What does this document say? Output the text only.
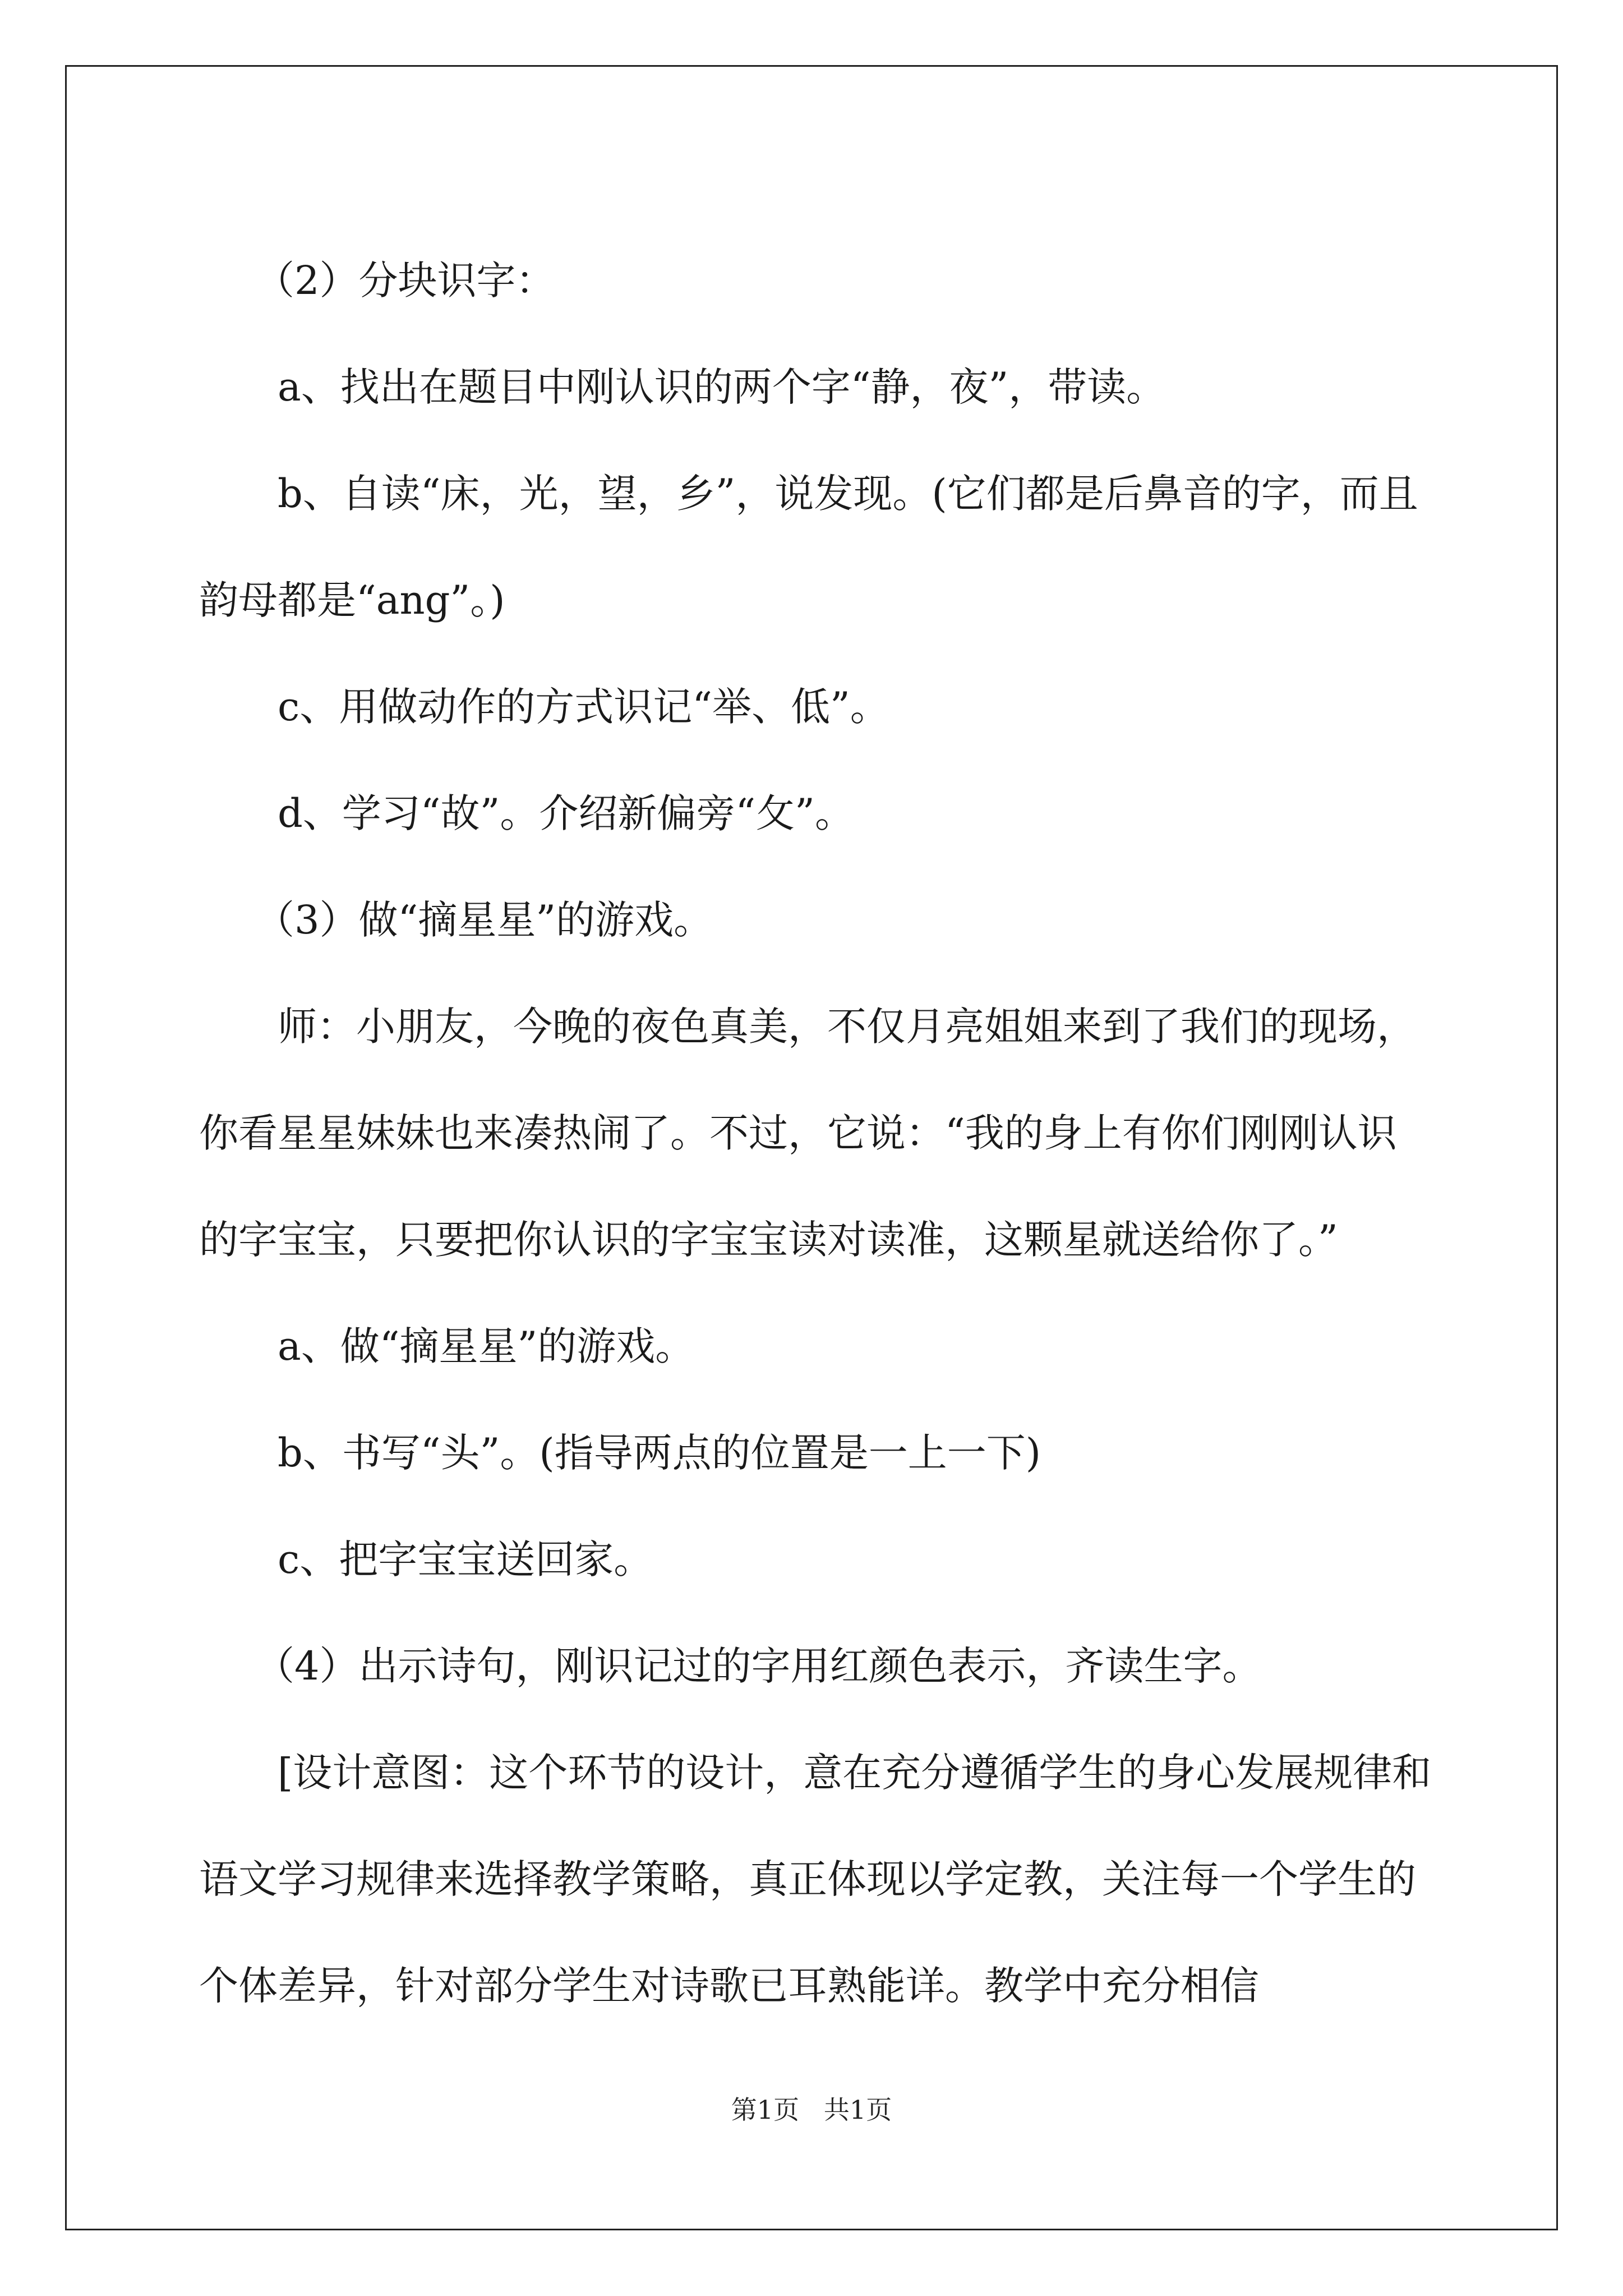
（2）分块识字：

a、找出在题目中刚认识的两个字“静，夜”，带读。

b、自读“床，光，望，乡”，说发现。(它们都是后鼻音的字，而且韵母都是“ang”。)

c、用做动作的方式识记“举、低”。

d、学习“故”。介绍新偏旁“攵”。

（3）做“摘星星”的游戏。

师：小朋友，今晚的夜色真美，不仅月亮姐姐来到了我们的现场，你看星星妹妹也来凑热闹了。不过，它说：“我的身上有你们刚刚认识的字宝宝，只要把你认识的字宝宝读对读准，这颗星就送给你了。”

a、做“摘星星”的游戏。

b、书写“头”。(指导两点的位置是一上一下)

c、把字宝宝送回家。

（4）出示诗句，刚识记过的字用红颜色表示，齐读生字。

[设计意图：这个环节的设计，意在充分遵循学生的身心发展规律和语文学习规律来选择教学策略，真正体现以学定教，关注每一个学生的个体差异，针对部分学生对诗歌已耳熟能详。教学中充分相信

第1页   共1页
